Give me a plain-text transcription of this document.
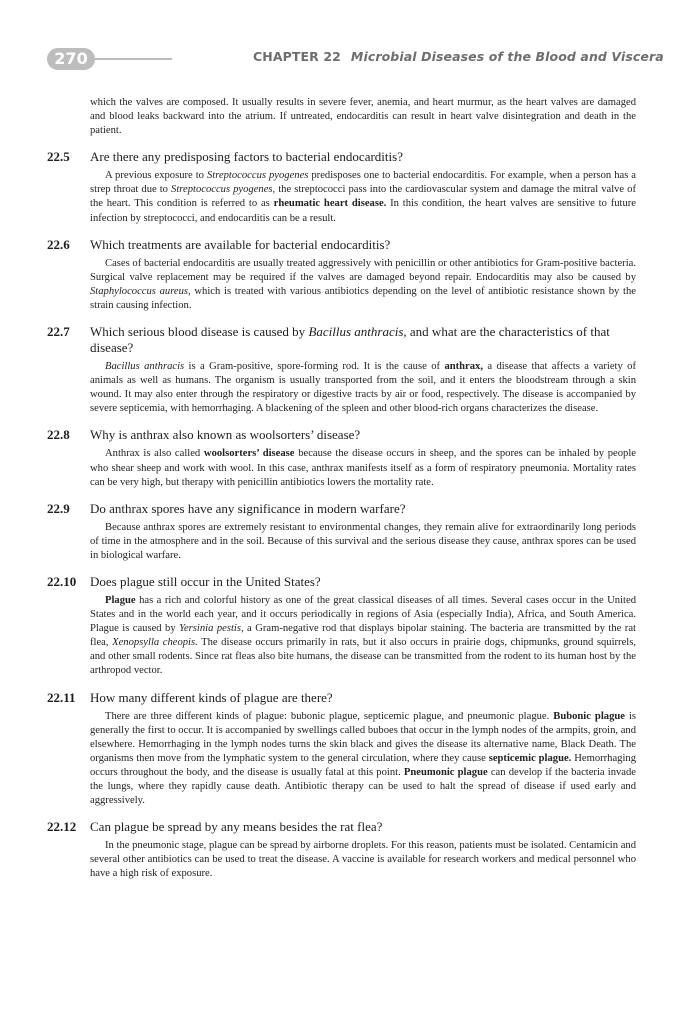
270	CHAPTER 22 Microbial Diseases of the Blood and Viscera

which the valves are composed. It usually results in severe fever, anemia, and heart murmur, as the heart valves are damaged and blood leaks backward into the atrium. If untreated, endocarditis can result in heart valve disintegration and death in the patient.

22.5	Are there any predisposing factors to bacterial endocarditis?

A previous exposure to Streptococcus pyogenes predisposes one to bacterial endocarditis. For example, when a person has a strep throat due to Streptococcus pyogenes, the streptococci pass into the cardiovascular system and damage the mitral valve of the heart. This condition is referred to as rheumatic heart disease. In this condition, the heart valves are sensitive to future infection by streptococci, and endocarditis can be a result.

22.6	Which treatments are available for bacterial endocarditis?

Cases of bacterial endocarditis are usually treated aggressively with penicillin or other antibiotics for Gram-positive bacteria. Surgical valve replacement may be required if the valves are damaged beyond repair. Endocarditis may also be caused by Staphylococcus aureus, which is treated with various antibiotics depending on the level of antibiotic resistance shown by the strain causing infection.

22.7	Which serious blood disease is caused by Bacillus anthracis, and what are the characteristics of that disease?

Bacillus anthracis is a Gram-positive, spore-forming rod. It is the cause of anthrax, a disease that affects a variety of animals as well as humans. The organism is usually transported from the soil, and it enters the bloodstream through a skin wound. It may also enter through the respiratory or digestive tracts by air or food, respectively. The disease is accompanied by severe septicemia, with hemorrhaging. A blackening of the spleen and other blood-rich organs characterizes the disease.

22.8	Why is anthrax also known as woolsorters’ disease?

Anthrax is also called woolsorters’ disease because the disease occurs in sheep, and the spores can be inhaled by people who shear sheep and work with wool. In this case, anthrax manifests itself as a form of respiratory pneumonia. Mortality rates can be very high, but therapy with penicillin antibiotics lowers the mortality rate.

22.9	Do anthrax spores have any significance in modern warfare?

Because anthrax spores are extremely resistant to environmental changes, they remain alive for extraordinarily long periods of time in the atmosphere and in the soil. Because of this survival and the serious disease they cause, anthrax spores can be used in biological warfare.

22.10	Does plague still occur in the United States?

Plague has a rich and colorful history as one of the great classical diseases of all times. Several cases occur in the United States and in the world each year, and it occurs periodically in regions of Asia (especially India), Africa, and South America. Plague is caused by Yersinia pestis, a Gram-negative rod that displays bipolar staining. The bacteria are transmitted by the rat flea, Xenopsylla cheopis. The disease occurs primarily in rats, but it also occurs in prairie dogs, chipmunks, ground squirrels, and other small rodents. Since rat fleas also bite humans, the disease can be transmitted from the rodent to its human host by the arthropod vector.

22.11	How many different kinds of plague are there?

There are three different kinds of plague: bubonic plague, septicemic plague, and pneumonic plague. Bubonic plague is generally the first to occur. It is accompanied by swellings called buboes that occur in the lymph nodes of the armpits, groin, and elsewhere. Hemorrhaging in the lymph nodes turns the skin black and gives the disease its alternative name, Black Death. The organisms then move from the lymphatic system to the general circulation, where they cause septicemic plague. Hemorrhaging occurs throughout the body, and the disease is usually fatal at this point. Pneumonic plague can develop if the bacteria invade the lungs, where they rapidly cause death. Antibiotic therapy can be used to halt the spread of disease if used early and aggressively.

22.12	Can plague be spread by any means besides the rat flea?

In the pneumonic stage, plague can be spread by airborne droplets. For this reason, patients must be isolated. Centamicin and several other antibiotics can be used to treat the disease. A vaccine is available for research workers and medical personnel who have a high risk of exposure.
